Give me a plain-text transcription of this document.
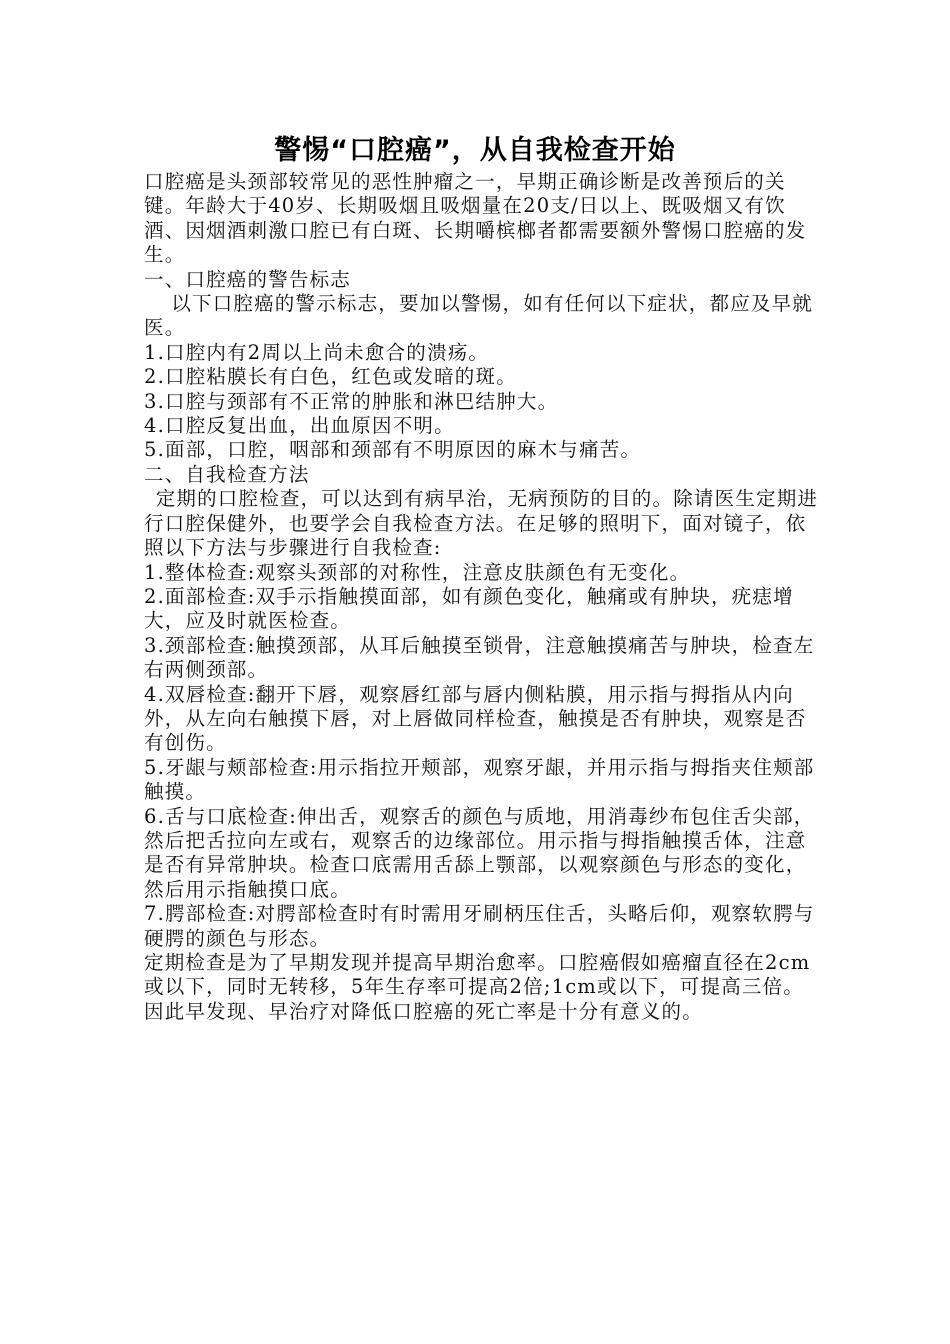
警惕“口腔癌”，从自我检查开始

口腔癌是头颈部较常见的恶性肿瘤之一，早期正确诊断是改善预后的关键。年龄大于40岁、长期吸烟且吸烟量在20支/日以上、既吸烟又有饮酒、因烟酒刺激口腔已有白斑、长期嚼槟榔者都需要额外警惕口腔癌的发生。

一、口腔癌的警告标志

以下口腔癌的警示标志，要加以警惕，如有任何以下症状，都应及早就医。

1.口腔内有2周以上尚未愈合的溃疡。

2.口腔粘膜长有白色，红色或发暗的斑。

3.口腔与颈部有不正常的肿胀和淋巴结肿大。

4.口腔反复出血，出血原因不明。

5.面部，口腔，咽部和颈部有不明原因的麻木与痛苦。

二、自我检查方法

定期的口腔检查，可以达到有病早治，无病预防的目的。除请医生定期进行口腔保健外，也要学会自我检查方法。在足够的照明下，面对镜子，依照以下方法与步骤进行自我检查:

1.整体检查:观察头颈部的对称性，注意皮肤颜色有无变化。

2.面部检查:双手示指触摸面部，如有颜色变化，触痛或有肿块，疣痣增大，应及时就医检查。

3.颈部检查:触摸颈部，从耳后触摸至锁骨，注意触摸痛苦与肿块，检查左右两侧颈部。

4.双唇检查:翻开下唇，观察唇红部与唇内侧粘膜，用示指与拇指从内向外，从左向右触摸下唇，对上唇做同样检查，触摸是否有肿块，观察是否有创伤。

5.牙龈与颊部检查:用示指拉开颊部，观察牙龈，并用示指与拇指夹住颊部触摸。

6.舌与口底检查:伸出舌，观察舌的颜色与质地，用消毒纱布包住舌尖部，然后把舌拉向左或右，观察舌的边缘部位。用示指与拇指触摸舌体，注意是否有异常肿块。检查口底需用舌舔上颚部，以观察颜色与形态的变化，然后用示指触摸口底。

7.腭部检查:对腭部检查时有时需用牙刷柄压住舌，头略后仰，观察软腭与硬腭的颜色与形态。

定期检查是为了早期发现并提高早期治愈率。口腔癌假如癌瘤直径在2cm或以下，同时无转移，5年生存率可提高2倍;1cm或以下，可提高三倍。因此早发现、早治疗对降低口腔癌的死亡率是十分有意义的。
